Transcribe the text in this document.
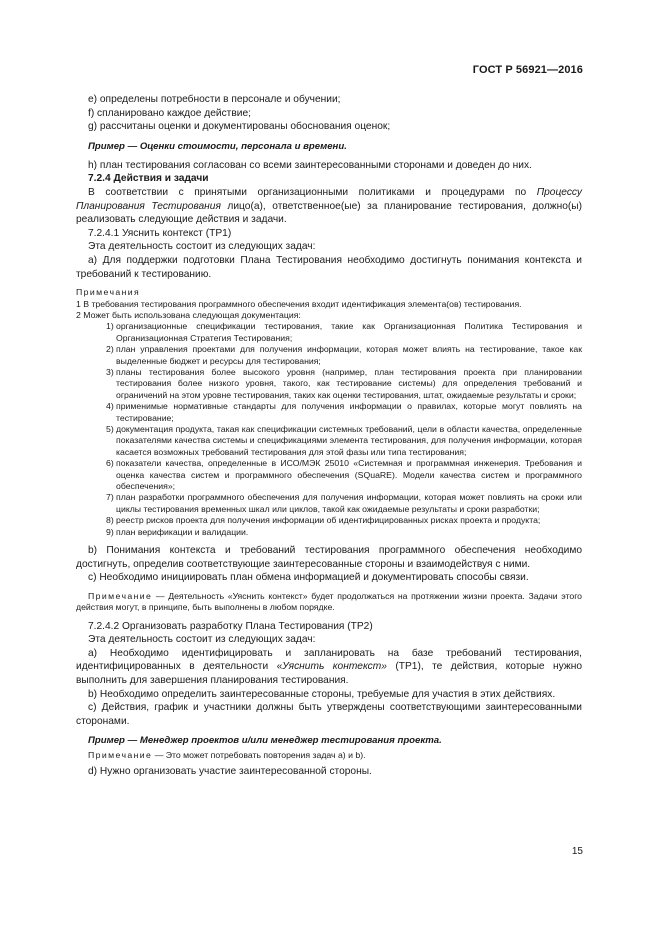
ГОСТ Р 56921—2016

e) определены потребности в персонале и обучении;

f) спланировано каждое действие;

g) рассчитаны оценки и документированы обоснования оценок;

Пример — Оценки стоимости, персонала и времени.

h) план тестирования согласован со всеми заинтересованными сторонами и доведен до них.

7.2.4 Действия и задачи

В соответствии с принятыми организационными политиками и процедурами по Процессу Планирования Тестирования лицо(а), ответственное(ые) за планирование тестирования, должно(ы) реализовать следующие действия и задачи.

7.2.4.1 Уяснить контекст (TP1)

Эта деятельность состоит из следующих задач:

a) Для поддержки подготовки Плана Тестирования необходимо достигнуть понимания контекста и требований к тестированию.

Примечания

1 В требования тестирования программного обеспечения входит идентификация элемента(ов) тестирования.

2 Может быть использована следующая документация:

1) организационные спецификации тестирования, такие как Организационная Политика Тестирования и Организационная Стратегия Тестирования;

2) план управления проектами для получения информации, которая может влиять на тестирование, такое как выделенные бюджет и ресурсы для тестирования;

3) планы тестирования более высокого уровня (например, план тестирования проекта при планировании тестирования более низкого уровня, такого, как тестирование системы) для определения требований и ограничений на этом уровне тестирования, таких как оценки тестирования, штат, ожидаемые результаты и сроки;

4) применимые нормативные стандарты для получения информации о правилах, которые могут повлиять на тестирование;

5) документация продукта, такая как спецификации системных требований, цели в области качества, определенные показателями качества системы и спецификациями элемента тестирования, для получения информации, которая касается возможных требований тестирования для этой фазы или типа тестирования;

6) показатели качества, определенные в ИСО/МЭК 25010 «Системная и программная инженерия. Требования и оценка качества систем и программного обеспечения (SQuaRE). Модели качества систем и программного обеспечения»;

7) план разработки программного обеспечения для получения информации, которая может повлиять на сроки или циклы тестирования временных шкал или циклов, такой как ожидаемые результаты и сроки разработки;

8) реестр рисков проекта для получения информации об идентифицированных рисках проекта и продукта;

9) план верификации и валидации.

b) Понимания контекста и требований тестирования программного обеспечения необходимо достигнуть, определив соответствующие заинтересованные стороны и взаимодействуя с ними.

c) Необходимо инициировать план обмена информацией и документировать способы связи.

Примечание — Деятельность «Уяснить контекст» будет продолжаться на протяжении жизни проекта. Задачи этого действия могут, в принципе, быть выполнены в любом порядке.

7.2.4.2 Организовать разработку Плана Тестирования (TP2)

Эта деятельность состоит из следующих задач:

a) Необходимо идентифицировать и запланировать на базе требований тестирования, идентифицированных в деятельности «Уяснить контекст» (TP1), те действия, которые нужно выполнить для завершения планирования тестирования.

b) Необходимо определить заинтересованные стороны, требуемые для участия в этих действиях.

c) Действия, график и участники должны быть утверждены соответствующими заинтересованными сторонами.

Пример — Менеджер проектов и/или менеджер тестирования проекта.

Примечание — Это может потребовать повторения задач a) и b).

d) Нужно организовать участие заинтересованной стороны.

15
